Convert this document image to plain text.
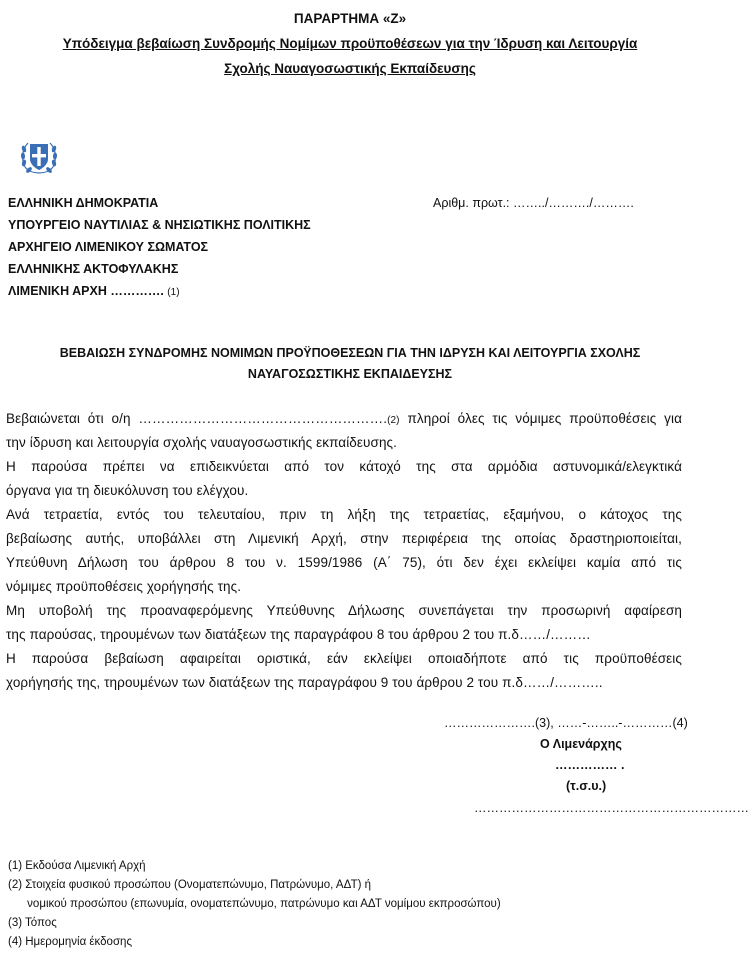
ΠΑΡΑΡΤΗΜΑ «Ζ»
Υπόδειγμα βεβαίωση Συνδρομής Νομίμων προϋποθέσεων για την Ίδρυση και Λειτουργία
Σχολής Ναυαγοσωστικής Εκπαίδευσης
ΕΛΛΗΝΙΚΗ ΔΗΜΟΚΡΑΤΙΑ
ΥΠΟΥΡΓΕΙΟ ΝΑΥΤΙΛΙΑΣ & ΝΗΣΙΩΤΙΚΗΣ ΠΟΛΙΤΙΚΗΣ
ΑΡΧΗΓΕΙΟ ΛΙΜΕΝΙΚΟΥ ΣΩΜΑΤΟΣ
ΕΛΛΗΝΙΚΗΣ ΑΚΤΟΦΥΛΑΚΗΣ
ΛΙΜΕΝΙΚΗ ΑΡΧΗ …………. (1)
Αριθμ. πρωτ.: ……../………./……….
ΒΕΒΑΙΩΣΗ ΣΥΝΔΡΟΜΗΣ ΝΟΜΙΜΩΝ ΠΡΟΫΠΟΘΕΣΕΩΝ ΓΙΑ ΤΗΝ ΙΔΡΥΣΗ ΚΑΙ ΛΕΙΤΟΥΡΓΙΑ ΣΧΟΛΗΣ
ΝΑΥΑΓΟΣΩΣΤΙΚΗΣ ΕΚΠΑΙΔΕΥΣΗΣ
Βεβαιώνεται ότι ο/η ……………………………………………….(2) πληροί όλες τις νόμιμες προϋποθέσεις για
την ίδρυση και λειτουργία σχολής ναυαγοσωστικής εκπαίδευσης.
Η παρούσα πρέπει να επιδεικνύεται από τον κάτοχό της στα αρμόδια αστυνομικά/ελεγκτικά
όργανα για τη διευκόλυνση του ελέγχου.
Ανά τετραετία, εντός του τελευταίου, πριν τη λήξη της τετραετίας, εξαμήνου, ο κάτοχος της
βεβαίωσης αυτής, υποβάλλει στη Λιμενική Αρχή, στην περιφέρεια της οποίας δραστηριοποιείται,
Υπεύθυνη Δήλωση του άρθρου 8 του ν. 1599/1986 (Α΄ 75), ότι δεν έχει εκλείψει καμία από τις
νόμιμες προϋποθέσεις χορήγησής της.
Μη υποβολή της προαναφερόμενης Υπεύθυνης Δήλωσης συνεπάγεται την προσωρινή αφαίρεση
της παρούσας, τηρουμένων των διατάξεων της παραγράφου 8 του άρθρου 2 του π.δ……/………
Η παρούσα βεβαίωση αφαιρείται οριστικά, εάν εκλείψει οποιαδήποτε από τις προϋποθέσεις
χορήγησής της, τηρουμένων των διατάξεων της παραγράφου 9 του άρθρου 2 του π.δ……/………..
………………….(3), ……-……..-…………(4)
Ο Λιμενάρχης
…………… .
(τ.σ.υ.)
…………………………………………………………
(1) Εκδούσα Λιμενική Αρχή
(2) Στοιχεία φυσικού προσώπου (Ονοματεπώνυμο, Πατρώνυμο, ΑΔΤ) ή
νομικού προσώπου (επωνυμία, ονοματεπώνυμο, πατρώνυμο και ΑΔΤ νομίμου εκπροσώπου)
(3) Τόπος
(4) Ημερομηνία έκδοσης
